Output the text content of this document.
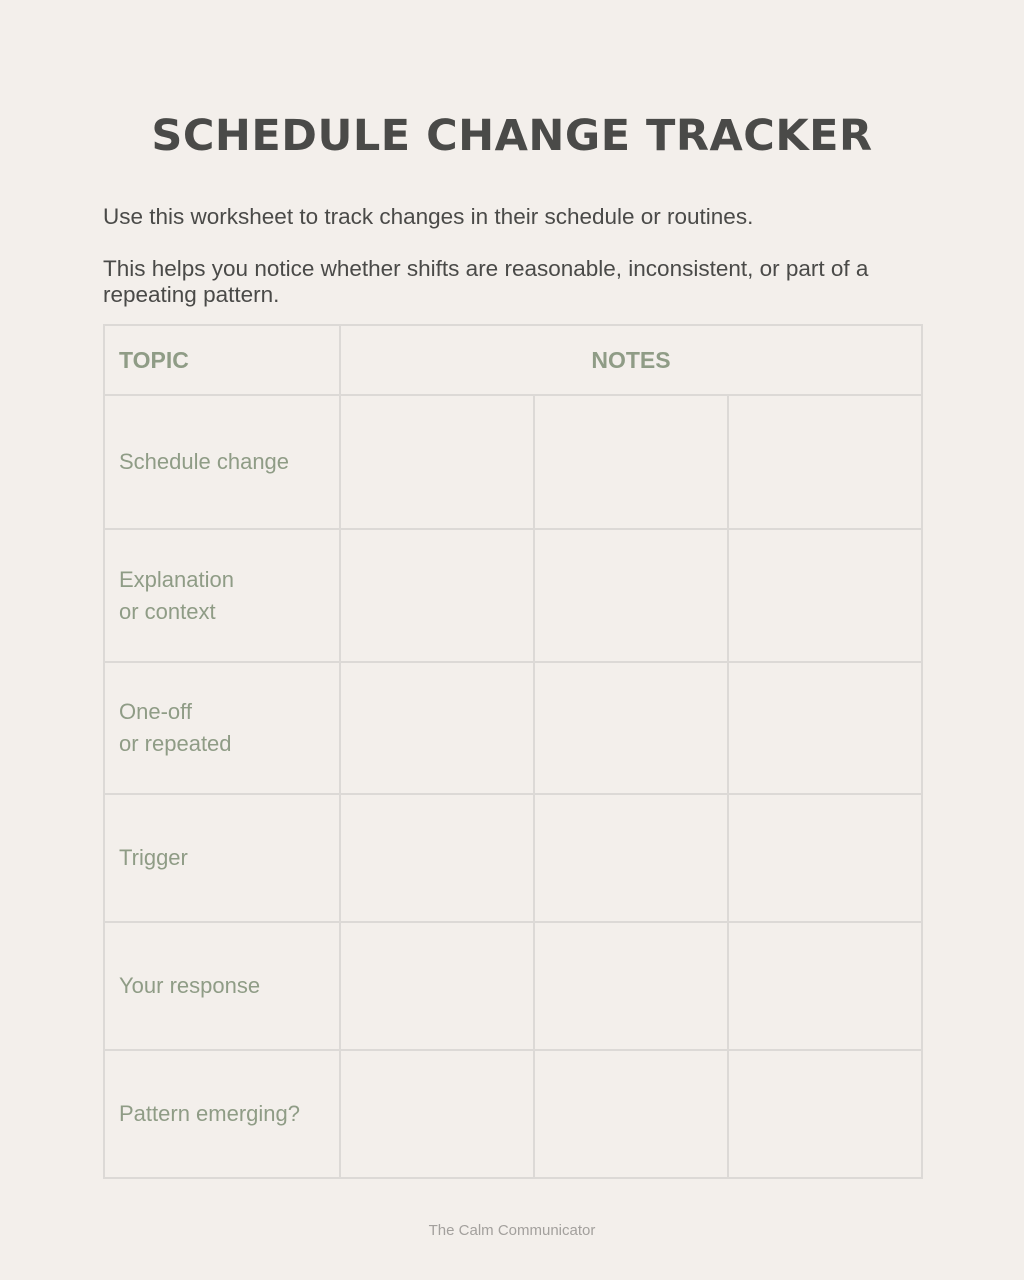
SCHEDULE CHANGE TRACKER

Use this worksheet to track changes in their schedule or routines.

This helps you notice whether shifts are reasonable, inconsistent, or part of a repeating pattern.

TOPIC	NOTES		

Schedule change			

Explanation
or context			

One-off
or repeated			

Trigger			

Your response			

Pattern emerging?			

The Calm Communicator
